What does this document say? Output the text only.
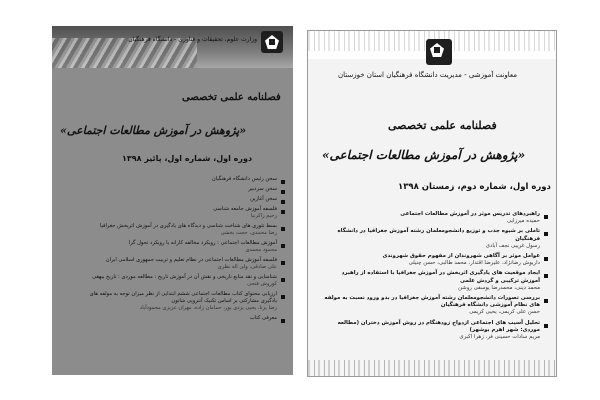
وزارت علوم، تحقیقات و فناوری - دانشگاه فرهنگیان
فصلنامه علمی تخصصی
«پژوهش در آموزش مطالعات اجتماعی»
دوره اول، شماره اول، پائیز ۱۳۹۸
سخن رئیس دانشگاه فرهنگیان
سخن سردبیر
سخن آغازین
فلسفه آموزش جامعه شناسی
رحیم زاکرنیا
بسط تئوری های شناخت شناسی و دیدگاه های یادگیری در آموزش اثربخش جغرافیا
رضا محمدی، حجت بخشی
آموزش مطالعات اجتماعی : رویکرد مخالفه کارانه یا رویکرد تحول گرا
محمود محمدی
فلسفه آموزش مطالعات اجتماعی در نظام تعلیم و تربیت جمهوری اسلامی ایران
علی صادقی، ولی اله نظری
شناسایی و نقد منابع تاریخی و نقش آن در آموزش تاریخ : مطالعه موردی : تاریخ بیهقی
کوروش فتحی
ارزیابی محتوای کتاب مطالعات اجتماعی ششم ابتدایی از نظر میزان توجه به مولفه های یادگیری مشارکتی بر اساس تکنیک آنتروپی شانون
رضا برنا، یحیی یزدی پور، حمامان زاده، مهران عزیزی محمودآباد
معرفی کتاب
معاونت آموزشی - مدیریت دانشگاه فرهنگیان استان خوزستان
فصلنامه علمی تخصصی
«پژوهش در آموزش مطالعات اجتماعی»
دوره اول، شماره دوم، زمستان ۱۳۹۸
راهبردهای تدریس موثر در آموزش مطالعات اجتماعی
حمیده میرزایی
تاملی بر شیوه جذب و توزیع دانشجومعلمان رشته آموزش جغرافیا در دانشگاه فرهنگیان
رسول غریبی نجف آبادی
عوامل موثر بر آگاهی شهروندان از مفهوم حقوق شهروندی
داریوش رضانژاد، علیرضا اقتدار، محمد طالبی، حسن چنیلی
ایجاد موقعیت های یادگیری اثربخش در آموزش جغرافیا با استفاده از راهبرد آموزش ترکیبی و گردش علمی
محمد دینی، محمدرضا یوسفی روشن
بررسی تصورات دانشجومعلمان رشته آموزش جغرافیا در بدو ورود نسبت به مولفه های نظام آموزشی دانشگاه فرهنگیان
حسن علی کریمی، یحیی کریمی
تحلیل آسیب های اجتماعی ازدواج زودهنگام در روش آموزش دختران (مطالعه موردی: شهر اهرم بوشهر)
مریم سادات حسینی فر، زهرا اکبری
